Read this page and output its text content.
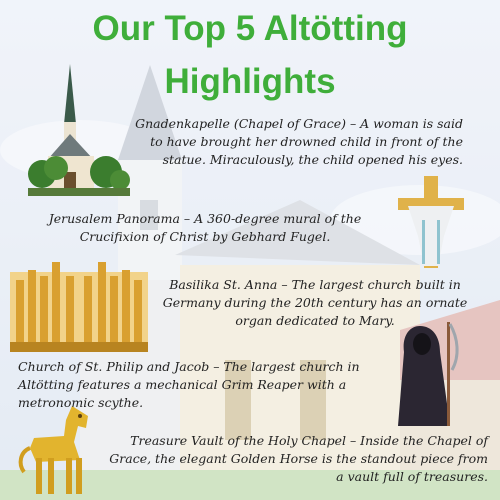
Our Top 5 Altötting
Highlights
Gnadenkapelle (Chapel of Grace) – A woman is said to have brought her drowned child in front of the statue. Miraculously, the child opened his eyes.
Jerusalem Panorama – A 360-degree mural of the Crucifixion of Christ by Gebhard Fugel.
Basilika St. Anna – The largest church built in Germany during the 20th century has an ornate organ dedicated to Mary.
Church of St. Philip and Jacob – The largest church in Altötting features a mechanical Grim Reaper with a metronomic scythe.
Treasure Vault of the Holy Chapel – Inside the Chapel of Grace, the elegant Golden Horse is the standout piece from a vault full of treasures.
